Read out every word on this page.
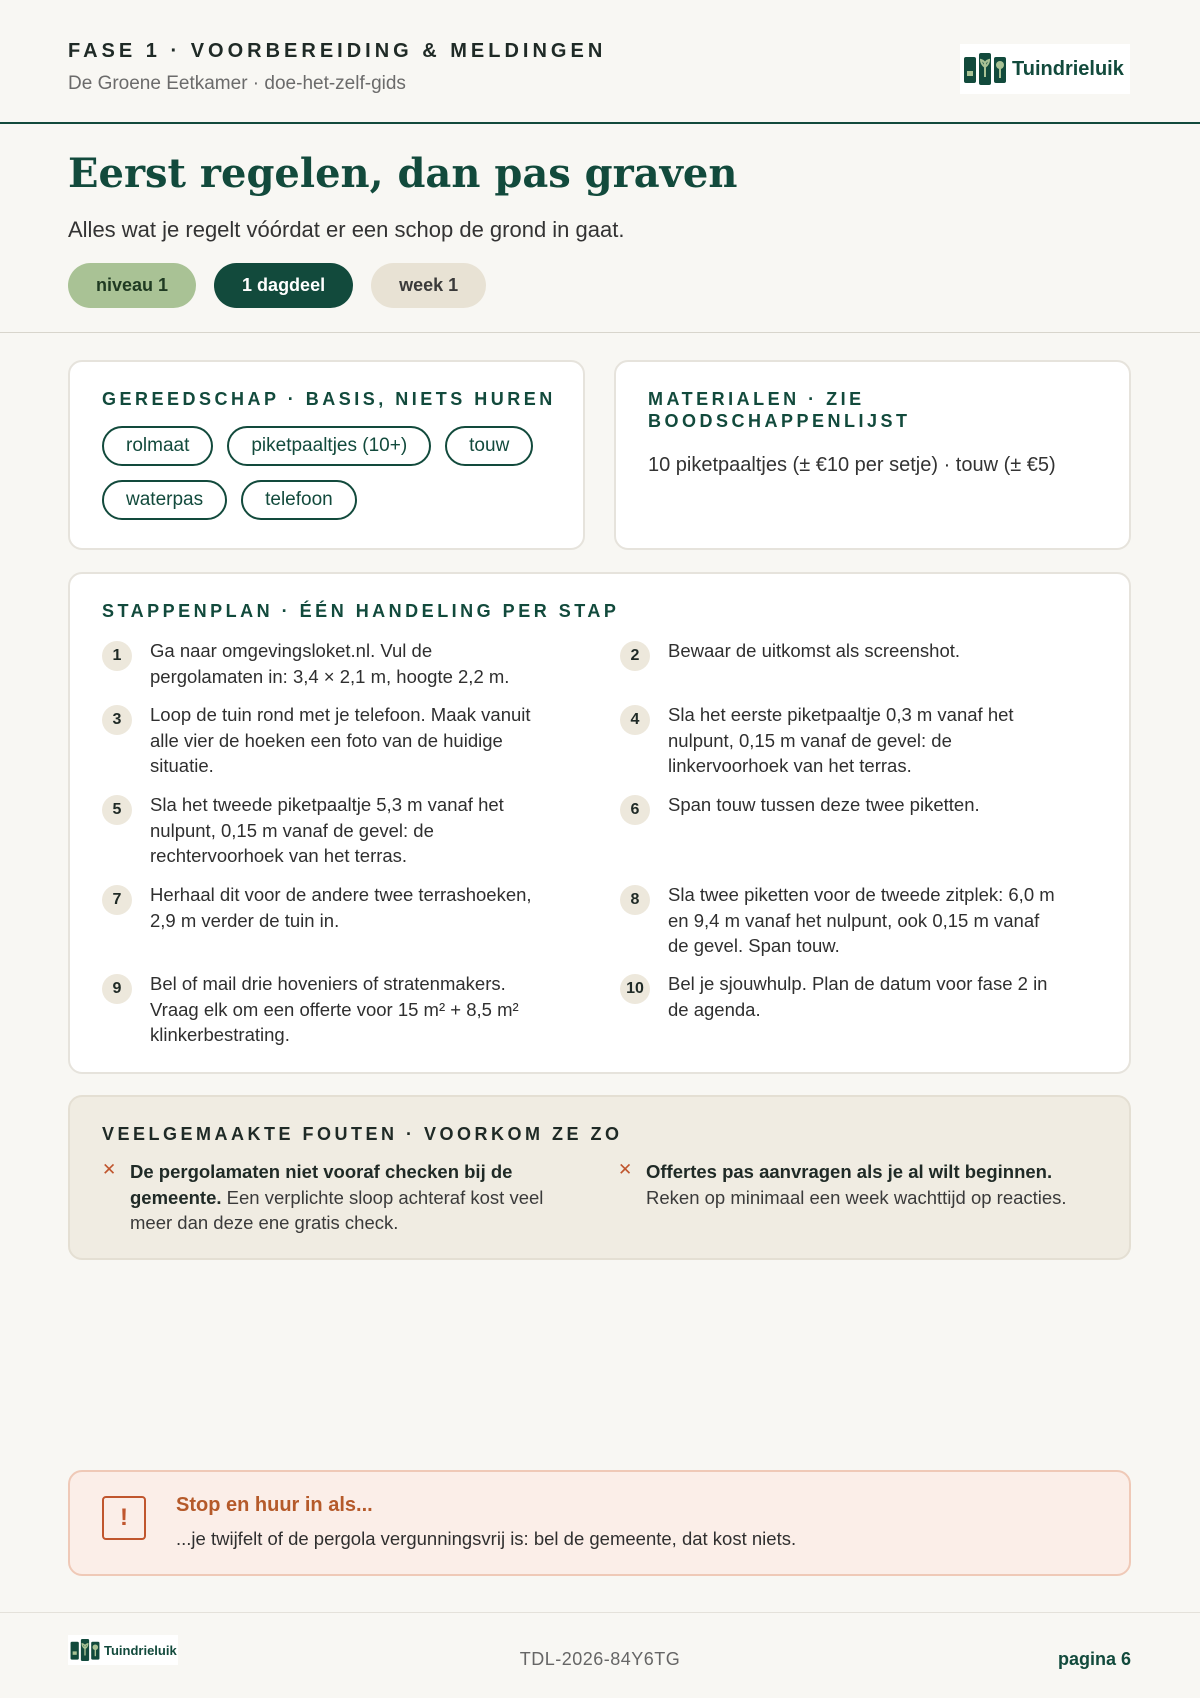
FASE 1 · VOORBEREIDING & MELDINGEN
De Groene Eetkamer · doe-het-zelf-gids
Tuindrieluik
Eerst regelen, dan pas graven
Alles wat je regelt vóórdat er een schop de grond in gaat.
niveau 1	1 dagdeel	week 1
GEREEDSCHAP · BASIS, NIETS HUREN
rolmaat	piketpaaltjes (10+)	touw
waterpas	telefoon
MATERIALEN · ZIE BOODSCHAPPENLIJST
10 piketpaaltjes (± €10 per setje) · touw (± €5)
STAPPENPLAN · ÉÉN HANDELING PER STAP
1	Ga naar omgevingsloket.nl. Vul de pergolamaten in: 3,4 × 2,1 m, hoogte 2,2 m.
2	Bewaar de uitkomst als screenshot.
3	Loop de tuin rond met je telefoon. Maak vanuit alle vier de hoeken een foto van de huidige situatie.
4	Sla het eerste piketpaaltje 0,3 m vanaf het nulpunt, 0,15 m vanaf de gevel: de linkervoorhoek van het terras.
5	Sla het tweede piketpaaltje 5,3 m vanaf het nulpunt, 0,15 m vanaf de gevel: de rechtervoorhoek van het terras.
6	Span touw tussen deze twee piketten.
7	Herhaal dit voor de andere twee terrashoeken, 2,9 m verder de tuin in.
8	Sla twee piketten voor de tweede zitplek: 6,0 m en 9,4 m vanaf het nulpunt, ook 0,15 m vanaf de gevel. Span touw.
9	Bel of mail drie hoveniers of stratenmakers. Vraag elk om een offerte voor 15 m² + 8,5 m² klinkerbestrating.
10	Bel je sjouwhulp. Plan de datum voor fase 2 in de agenda.
VEELGEMAAKTE FOUTEN · VOORKOM ZE ZO
✕ De pergolamaten niet vooraf checken bij de gemeente. Een verplichte sloop achteraf kost veel meer dan deze ene gratis check.
✕ Offertes pas aanvragen als je al wilt beginnen. Reken op minimaal een week wachttijd op reacties.
!	Stop en huur in als...
...je twijfelt of de pergola vergunningsvrij is: bel de gemeente, dat kost niets.
Tuindrieluik	TDL-2026-84Y6TG	pagina 6
